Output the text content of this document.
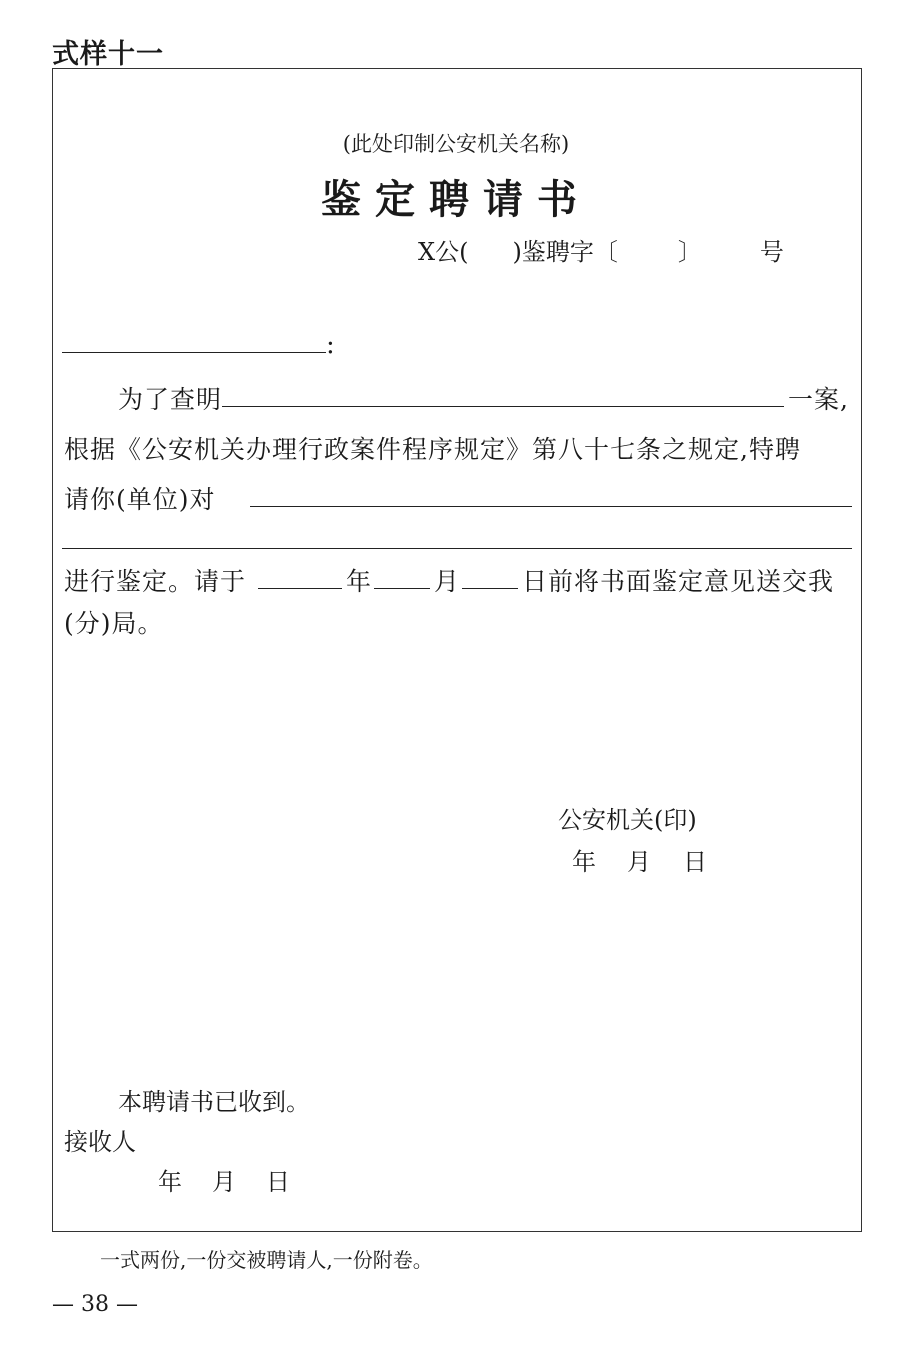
式样十一
(此处印制公安机关名称)
鉴定聘请书
X公( )鉴聘字〔	〕 号
:
为了查明	一案,
根据《公安机关办理行政案件程序规定》第八十七条之规定,特聘
请你(单位)对
进行鉴定。请于	年 月 日前将书面鉴定意见送交我
(分)局。
公安机关(印)
年 月 日
本聘请书已收到。
接收人
年 月 日
一式两份,一份交被聘请人,一份附卷。
— 38 —
